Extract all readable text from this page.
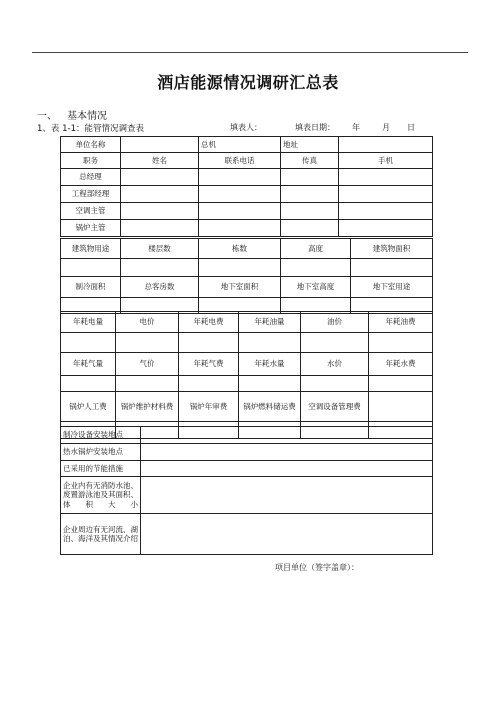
酒店能源情况调研汇总表
一、 基本情况
1、表 1-1：能管情况调查表	填表人：	填表日期： 年	月 日
单位名称		总机	地址	
职务	姓名	联系电话	传真	手机
总经理				
工程部经理				
空调主管				
锅炉主管				
建筑物用途	楼层数	栋数	高度	建筑物面积

制冷面积	总客房数	地下室面积	地下室高度	地下室用途

年耗电量	电价	年耗电费	年耗油量	油价	年耗油费

年耗气量	气价	年耗气费	年耗水量	水价	年耗水费

锅炉人工费	锅炉维护材料费	锅炉年审费	锅炉燃料储运费	空调设备管理费	

制冷设备安装地点	
热水锅炉安装地点	
已采用的节能措施	
企业内有无消防水池、废置游泳池及其面积、体积大小	
企业周边有无河流、湖泊、海洋及其情况介绍	
项目单位（签字盖章）：
